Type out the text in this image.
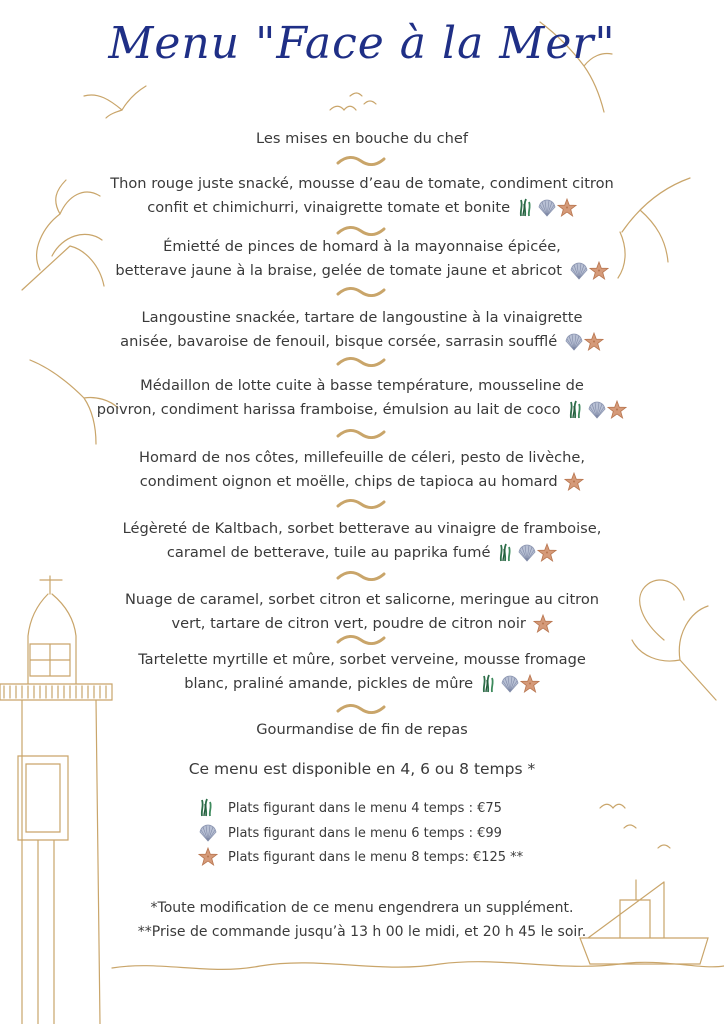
Menu "Face à la Mer"
Les mises en bouche du chef
Thon rouge juste snacké, mousse d’eau de tomate, condiment citron
confit et chimichurri, vinaigrette tomate et bonite
Émietté de pinces de homard à la mayonnaise épicée,
betterave jaune à la braise, gelée de tomate jaune et abricot
Langoustine snackée, tartare de langoustine à la vinaigrette
anisée, bavaroise de fenouil, bisque corsée, sarrasin soufflé
Médaillon de lotte cuite à basse température, mousseline de
poivron, condiment harissa framboise, émulsion au lait de coco
Homard de nos côtes, millefeuille de céleri, pesto de livèche,
condiment oignon et moëlle, chips de tapioca au homard
Légèreté de Kaltbach, sorbet betterave au vinaigre de framboise,
caramel de betterave, tuile au paprika fumé
Nuage de caramel, sorbet citron et salicorne, meringue au citron
vert, tartare de citron vert, poudre de citron noir
Tartelette myrtille et mûre, sorbet verveine, mousse fromage
blanc, praliné amande, pickles de mûre
Gourmandise de fin de repas
Ce menu est disponible en 4, 6 ou 8 temps *
Plats figurant dans le menu 4 temps : €75
Plats figurant dans le menu 6 temps : €99
Plats figurant dans le menu 8 temps: €125 **
*Toute modification de ce menu engendrera un supplément.
**Prise de commande jusqu’à 13 h 00 le midi, et 20 h 45 le soir.
